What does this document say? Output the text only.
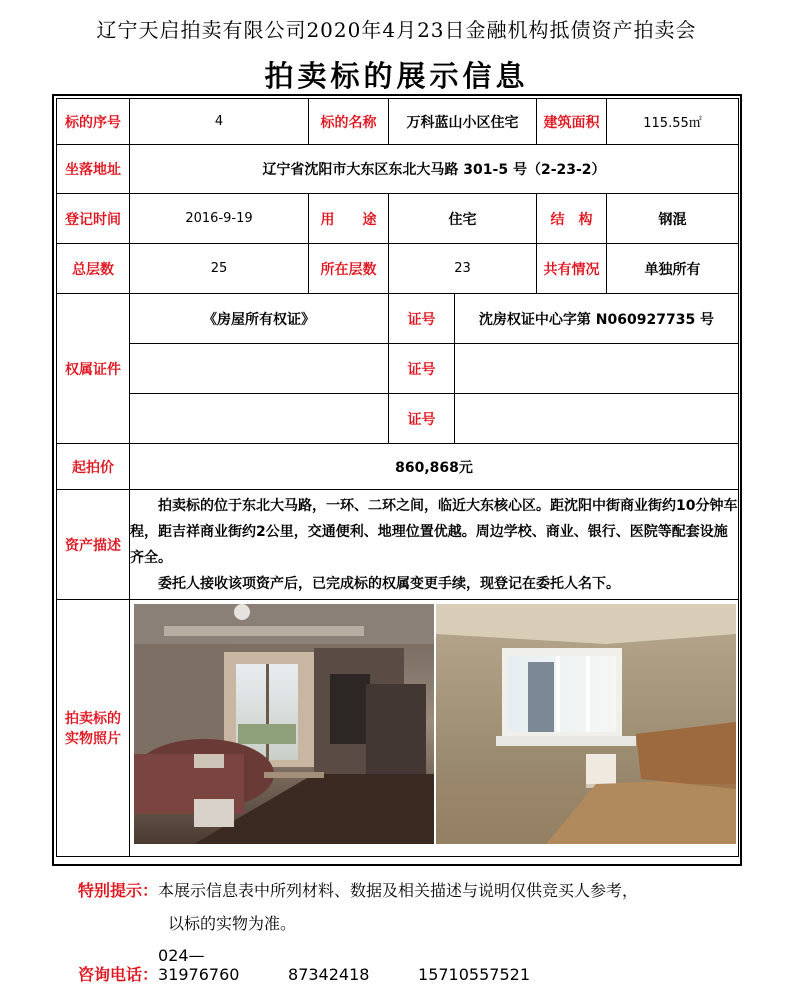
辽宁天启拍卖有限公司2020年4月23日金融机构抵债资产拍卖会
拍卖标的展示信息
标的序号	4	标的名称	万科蓝山小区住宅		建筑面积	115.55㎡
坐落地址	辽宁省沈阳市大东区东北大马路 301-5 号（2-23-2）					
登记时间	2016-9-19	用　　途	住宅		结　构	钢混
总层数	25	所在层数	23		共有情况	单独所有
权属证件	《房屋所有权证》		证号	沈房权证中心字第 N060927735 号		
			证号			
			证号			
起拍价	860,868元					
资产描述	拍卖标的位于东北大马路，一环、二环之间，临近大东核心区。距沈阳中街商业街约10分钟车程，距吉祥商业街约2公里，交通便利、地理位置优越。周边学校、商业、银行、医院等配套设施齐全。

委托人接收该项资产后，已完成标的权属变更手续，现登记在委托人名下。					

拍卖标的
实物照片	
特别提示：本展示信息表中所列材料、数据及相关描述与说明仅供竞买人参考，
以标的实物为准。
咨询电话：024—31976760	87342418	15710557521
